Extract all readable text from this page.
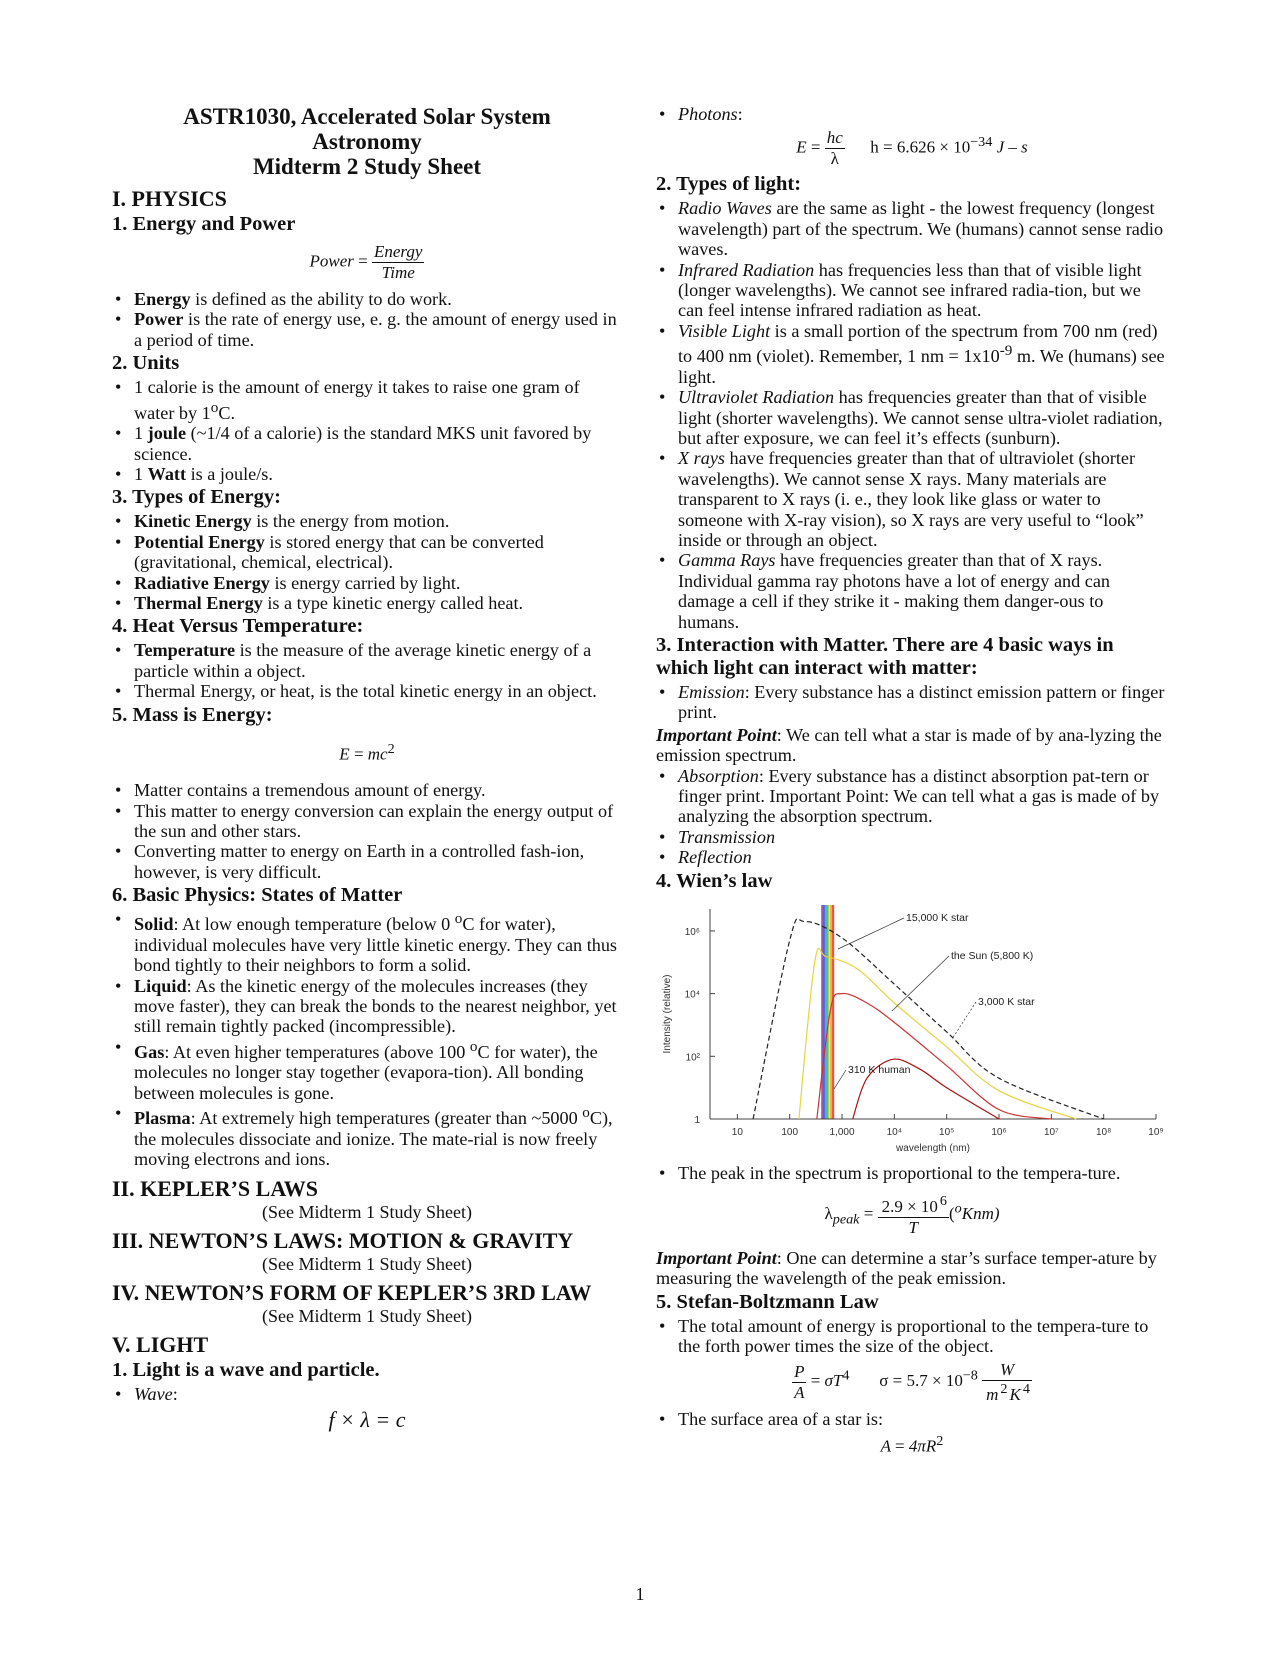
ASTR1030, Accelerated Solar System
Astronomy
Midterm 2 Study Sheet
I. PHYSICS
1. Energy and Power
Power = $\frac{\text{Energy}}{\text{Time}}$
• Energy is defined as the ability to do work.
• Power is the rate of energy use, e. g. the amount of energy used in a period of time.
2. Units
• 1 calorie is the amount of energy it takes to raise one gram of water by 1$^o$C.
• 1 joule (~1/4 of a calorie) is the standard MKS unit favored by science.
• 1 Watt is a joule/s.
3. Types of Energy:
• Kinetic Energy is the energy from motion.
• Potential Energy is stored energy that can be converted (gravitational, chemical, electrical).
• Radiative Energy is energy carried by light.
• Thermal Energy is a type kinetic energy called heat.
4. Heat Versus Temperature:
• Temperature is the measure of the average kinetic energy of a particle within a object.
• Thermal Energy, or heat, is the total kinetic energy in an object.
5. Mass is Energy:
$E = mc^2$
• Matter contains a tremendous amount of energy.
• This matter to energy conversion can explain the energy output of the sun and other stars.
• Converting matter to energy on Earth in a controlled fash-ion, however, is very difficult.
6. Basic Physics: States of Matter
• Solid: At low enough temperature (below 0 $^o$C for water), individual molecules have very little kinetic energy. They can thus bond tightly to their neighbors to form a solid.
• Liquid: As the kinetic energy of the molecules increases (they move faster), they can break the bonds to the nearest neighbor, yet still remain tightly packed (incompressible).
• Gas: At even higher temperatures (above 100 $^o$C for water), the molecules no longer stay together (evapora-tion). All bonding between molecules is gone.
• Plasma: At extremely high temperatures (greater than ~5000 $^o$C), the molecules dissociate and ionize. The mate-rial is now freely moving electrons and ions.
II. KEPLER’S LAWS
(See Midterm 1 Study Sheet)
III. NEWTON’S LAWS: MOTION & GRAVITY
(See Midterm 1 Study Sheet)
IV. NEWTON’S FORM OF KEPLER’S 3RD LAW
(See Midterm 1 Study Sheet)
V. LIGHT
1. Light is a wave and particle.
• Wave:
f × λ = c
• Photons:
$E = \frac{hc}{\lambda}$ $h = 6.626 \times 10^{-34}$ J – s
2. Types of light:
• Radio Waves are the same as light - the lowest frequency (longest wavelength) part of the spectrum. We (humans) cannot sense radio waves.
• Infrared Radiation has frequencies less than that of visible light (longer wavelengths). We cannot see infrared radia-tion, but we can feel intense infrared radiation as heat.
• Visible Light is a small portion of the spectrum from 700 nm (red) to 400 nm (violet). Remember, 1 nm = $1x10^{-9}$ m. We (humans) see light.
• Ultraviolet Radiation has frequencies greater than that of visible light (shorter wavelengths). We cannot sense ultra-violet radiation, but after exposure, we can feel it’s effects (sunburn).
• X rays have frequencies greater than that of ultraviolet (shorter wavelengths). We cannot sense X rays. Many materials are transparent to X rays (i. e., they look like glass or water to someone with X-ray vision), so X rays are very useful to “look” inside or through an object.
• Gamma Rays have frequencies greater than that of X rays. Individual gamma ray photons have a lot of energy and can damage a cell if they strike it - making them danger-ous to humans.
3. Interaction with Matter. There are 4 basic ways in which light can interact with matter:
• Emission: Every substance has a distinct emission pattern or finger print.

Important Point: We can tell what a star is made of by ana-lyzing the emission spectrum.

• Absorption: Every substance has a distinct absorption pat-tern or finger print. Important Point: We can tell what a gas is made of by analyzing the absorption spectrum.
• Transmission
• Reflection
4. Wien’s law
10	100	1,000	10⁴	10⁵	10⁶	10⁷	10⁸	10⁹
1
10²
10⁴
10⁶
wavelength (nm)
Intensity (relative)
15,000 K star
the Sun (5,800 K)
3,000 K star
310 K human
• The peak in the spectrum is proportional to the tempera-ture.
$\lambda_{peak} = \frac{2.9 \times 10 ^6}{T} (^oKnm)$

Important Point: One can determine a star’s surface temper-ature by measuring the wavelength of the peak emission.

5. Stefan-Boltzmann Law
• The total amount of energy is proportional to the tempera-ture to the forth power times the size of the object.
$\frac{P}{A} = \sigma T^4$ $\sigma = 5.7 \times 10^{-8} \frac{W}{m ^2 K ^4}$
• The surface area of a star is:
$A = 4\pi R^2$
1
